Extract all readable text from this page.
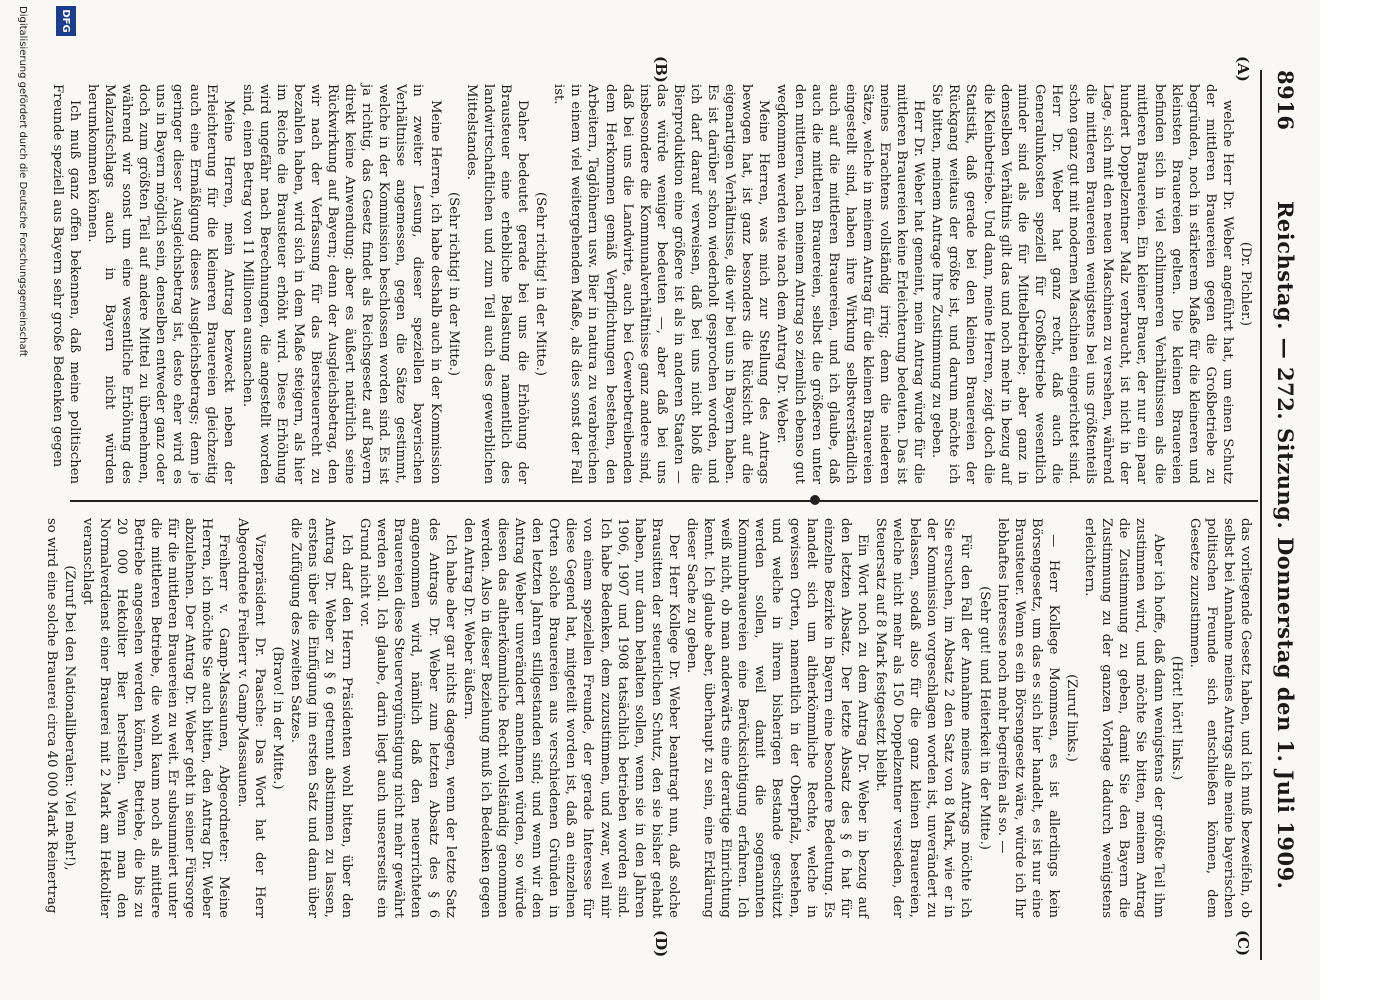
8916
Reichstag. — 272. Sitzung. Donnerstag den 1. Juli 1909.
(A)
(B)
(C)
(D)

(Dr. Pichler.)

welche Herr Dr. Weber angeführt hat, um einen Schutz der mittleren Brauereien gegen die Großbetriebe zu begründen, noch in stärkerem Maße für die kleineren und kleinsten Brauereien gelten. Die kleinen Brauereien befinden sich in viel schlimmeren Verhältnissen als die mittleren Brauereien. Ein kleiner Brauer, der nur ein paar hundert Doppelzentner Malz verbraucht, ist nicht in der Lage, sich mit den neuen Maschinen zu versehen, während die mittleren Brauereien wenigstens bei uns größtenteils schon ganz gut mit modernen Maschinen eingerichtet sind. Herr Dr. Weber hat ganz recht, daß auch die Generalunkosten speziell für Großbetriebe wesentlich minder sind als die für Mittelbetriebe; aber ganz in demselben Verhältnis gilt das und noch mehr in bezug auf die Kleinbetriebe. Und dann, meine Herren, zeigt doch die Statistik, daß gerade bei den kleinen Brauereien der Rückgang weitaus der größte ist, und darum möchte ich Sie bitten, meinem Antrage Ihre Zustimmung zu geben.

Herr Dr. Weber hat gemeint, mein Antrag würde für die mittleren Brauereien keine Erleichterung bedeuten. Das ist meines Erachtens vollständig irrig; denn die niederen Sätze, welche in meinem Antrag für die kleinen Brauereien eingestellt sind, haben ihre Wirkung selbstverständlich auch auf die mittleren Brauereien, und ich glaube, daß auch die mittleren Brauereien, selbst die größeren unter den mittleren, nach meinem Antrag so ziemlich ebenso gut wegkommen werden wie nach dem Antrag Dr. Weber.

Meine Herren, was mich zur Stellung des Antrags bewogen hat, ist ganz besonders die Rücksicht auf die eigenartigen Verhältnisse, die wir bei uns in Bayern haben. Es ist darüber schon wiederholt gesprochen worden, und ich darf darauf verweisen, daß bei uns nicht bloß die Bierproduktion eine größere ist als in anderen Staaten — das würde weniger bedeuten —, aber daß bei uns insbesondere die Kommunalverhältnisse ganz andere sind, daß bei uns die Landwirte, auch bei Gewerbetreibenden dem Herkommen gemäß Verpflichtungen bestehen, den Arbeitern, Taglöhnern usw. Bier in natura zu verabreichen in einem viel weitergehenden Maße, als dies sonst der Fall ist.

(Sehr richtig! in der Mitte.)

Daher bedeutet gerade bei uns die Erhöhung der Brausteuer eine erhebliche Belastung namentlich des landwirtschaftlichen und zum Teil auch des gewerblichen Mittelstandes.

(Sehr richtig! in der Mitte.)

Meine Herren, ich habe deshalb auch in der Kommission in zweiter Lesung, dieser speziellen bayerischen Verhältnisse angemessen, gegen die Sätze gestimmt, welche in der Kommission beschlossen worden sind. Es ist ja richtig, das Gesetz findet als Reichsgesetz auf Bayern direkt keine Anwendung; aber es äußert natürlich seine Rückwirkung auf Bayern; denn der Ausgleichsbetrag, den wir nach der Verfassung für das Biersteuerrecht zu bezahlen haben, wird sich in dem Maße steigern, als hier im Reiche die Brausteuer erhöht wird. Diese Erhöhung wird ungefähr nach Berechnungen, die angestellt worden sind, einen Betrag von 11 Millionen ausmachen.

Meine Herren, mein Antrag bezweckt neben der Erleichterung für die kleineren Brauereien gleichzeitig auch eine Ermäßigung dieses Ausgleichsbetrags; denn je geringer dieser Ausgleichsbetrag ist, desto eher wird es uns in Bayern möglich sein, denselben entweder ganz oder doch zum größten Teil auf andere Mittel zu übernehmen, während wir sonst um eine wesentliche Erhöhung des Malzaufschlags auch in Bayern nicht würden herumkommen können.

Ich muß ganz offen bekennen, daß meine politischen Freunde speziell aus Bayern sehr große Bedenken gegen

das vorliegende Gesetz haben, und ich muß bezweifeln, ob selbst bei Annahme meines Antrags alle meine bayerischen politischen Freunde sich entschließen können, dem Gesetze zuzustimmen.

(Hört! hört! links.)

Aber ich hoffe, daß dann wenigstens der größte Teil ihm zustimmen wird, und möchte Sie bitten, meinem Antrag die Zustimmung zu geben, damit Sie den Bayern die Zustimmung zu der ganzen Vorlage dadurch wenigstens erleichtern.

(Zuruf links.)

— Herr Kollege Mommsen, es ist allerdings kein Börsengesetz, um das es sich hier handelt, es ist nur eine Brausteuer. Wenn es ein Börsengesetz wäre, würde ich Ihr lebhaftes Interesse noch mehr begreifen als so. —

(Sehr gut! und Heiterkeit in der Mitte.)

Für den Fall der Annahme meines Antrags möchte ich Sie ersuchen, im Absatz 2 den Satz von 8 Mark, wie er in der Kommission vorgeschlagen worden ist, unverändert zu belassen, sodaß also für die ganz kleinen Brauereien, welche nicht mehr als 150 Doppelzentner versieden, der Steuersatz auf 8 Mark festgesetzt bleibt.

Ein Wort noch zu dem Antrag Dr. Weber in bezug auf den letzten Absatz. Der letzte Absatz des § 6 hat für einzelne Bezirke in Bayern eine besondere Bedeutung. Es handelt sich um altherkömmliche Rechte, welche in gewissen Orten, namentlich in der Oberpfalz, bestehen, und welche in ihrem bisherigen Bestande geschützt werden sollen, weil damit die sogenannten Kommunbrauereien eine Berücksichtigung erfahren. Ich weiß nicht, ob man anderwärts eine derartige Einrichtung kennt. Ich glaube aber, überhaupt zu sein, eine Erklärung dieser Sache zu geben.

Der Herr Kollege Dr. Weber beantragt nun, daß solche Brausitten der steuerlichen Schutz, den sie bisher gehabt haben, nur dann behalten sollen, wenn sie in den Jahren 1906, 1907 und 1908 tatsächlich betrieben worden sind. Ich habe Bedenken, dem zuzustimmen, und zwar, weil mir von einem speziellen Freunde, der gerade Interesse für diese Gegend hat, mitgeteilt worden ist, daß an einzelnen Orten solche Brauereien aus verschiedenen Gründen in den letzten Jahren stillgestanden sind; und wenn wir den Antrag Weber unverändert annehmen würden, so würde diesen das altherkömmliche Recht vollständig genommen werden. Also in dieser Beziehung muß ich Bedenken gegen den Antrag Dr. Weber äußern.

Ich habe aber gar nichts dagegen, wenn der letzte Satz des Antrags Dr. Weber zum letzten Absatz des § 6 angenommen wird, nämlich daß den neuerrichteten Brauereien diese Steuervergünstigung nicht mehr gewährt werden soll. Ich glaube, darin liegt auch unsererseits ein Grund nicht vor.

Ich darf den Herrn Präsidenten wohl bitten, über den Antrag Dr. Weber zu § 6 getrennt abstimmen zu lassen, erstens über die Einfügung im ersten Satz und dann über die Zufügung des zweiten Satzes.

(Bravo! in der Mitte.)

Vizepräsident Dr. Paasche: Das Wort hat der Herr Abgeordnete Freiherr v. Gamp-Massaunen.

Freiherr v. Gamp-Massaunen, Abgeordneter: Meine Herren, ich möchte Sie auch bitten, den Antrag Dr. Weber abzulehnen. Der Antrag Dr. Weber geht in seiner Fürsorge für die mittleren Brauereien zu weit. Er subsummiert unter die mittleren Betriebe, die wohl kaum noch als mittlere Betriebe angesehen werden können, Betriebe, die bis zu 20 000 Hektoliter Bier herstellen. Wenn man den Normalverdienst einer Brauerei mit 2 Mark am Hektoliter veranschlagt

(Zuruf bei den Nationalliberalen: Viel mehr!),

so wird eine solche Brauerei circa 40 000 Mark Reinertrag

DFG
Digitalisierung gefördert durch die Deutsche Forschungsgemeinschaft
